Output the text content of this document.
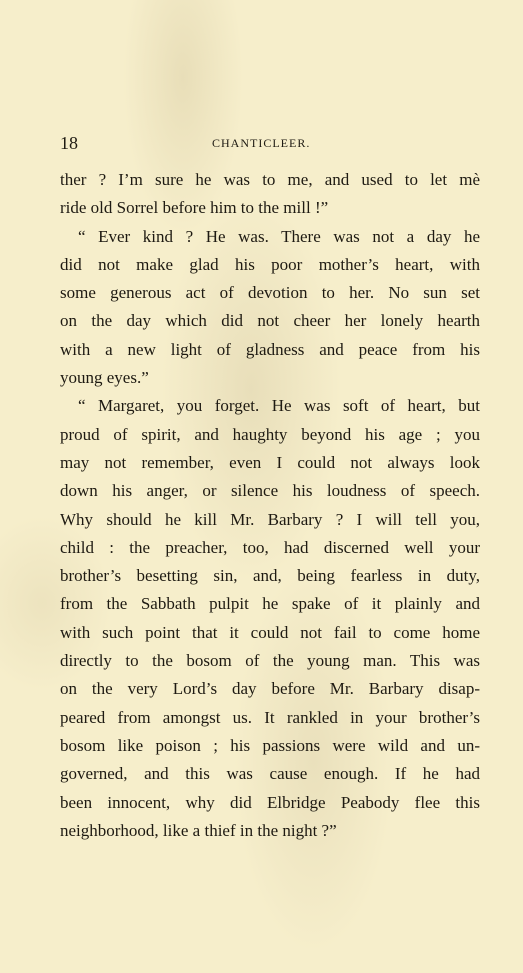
18	CHANTICLEER.
ther ? I’m sure he was to me, and used to let mè
ride old Sorrel before him to the mill !”
“ Ever kind ? He was. There was not a day he
did not make glad his poor mother’s heart, with
some generous act of devotion to her. No sun set
on the day which did not cheer her lonely hearth
with a new light of gladness and peace from his
young eyes.”
“ Margaret, you forget. He was soft of heart, but
proud of spirit, and haughty beyond his age ; you
may not remember, even I could not always look
down his anger, or silence his loudness of speech.
Why should he kill Mr. Barbary ? I will tell you,
child : the preacher, too, had discerned well your
brother’s besetting sin, and, being fearless in duty,
from the Sabbath pulpit he spake of it plainly and
with such point that it could not fail to come home
directly to the bosom of the young man. This was
on the very Lord’s day before Mr. Barbary disap-
peared from amongst us. It rankled in your brother’s
bosom like poison ; his passions were wild and un-
governed, and this was cause enough. If he had
been innocent, why did Elbridge Peabody flee this
neighborhood, like a thief in the night ?”
